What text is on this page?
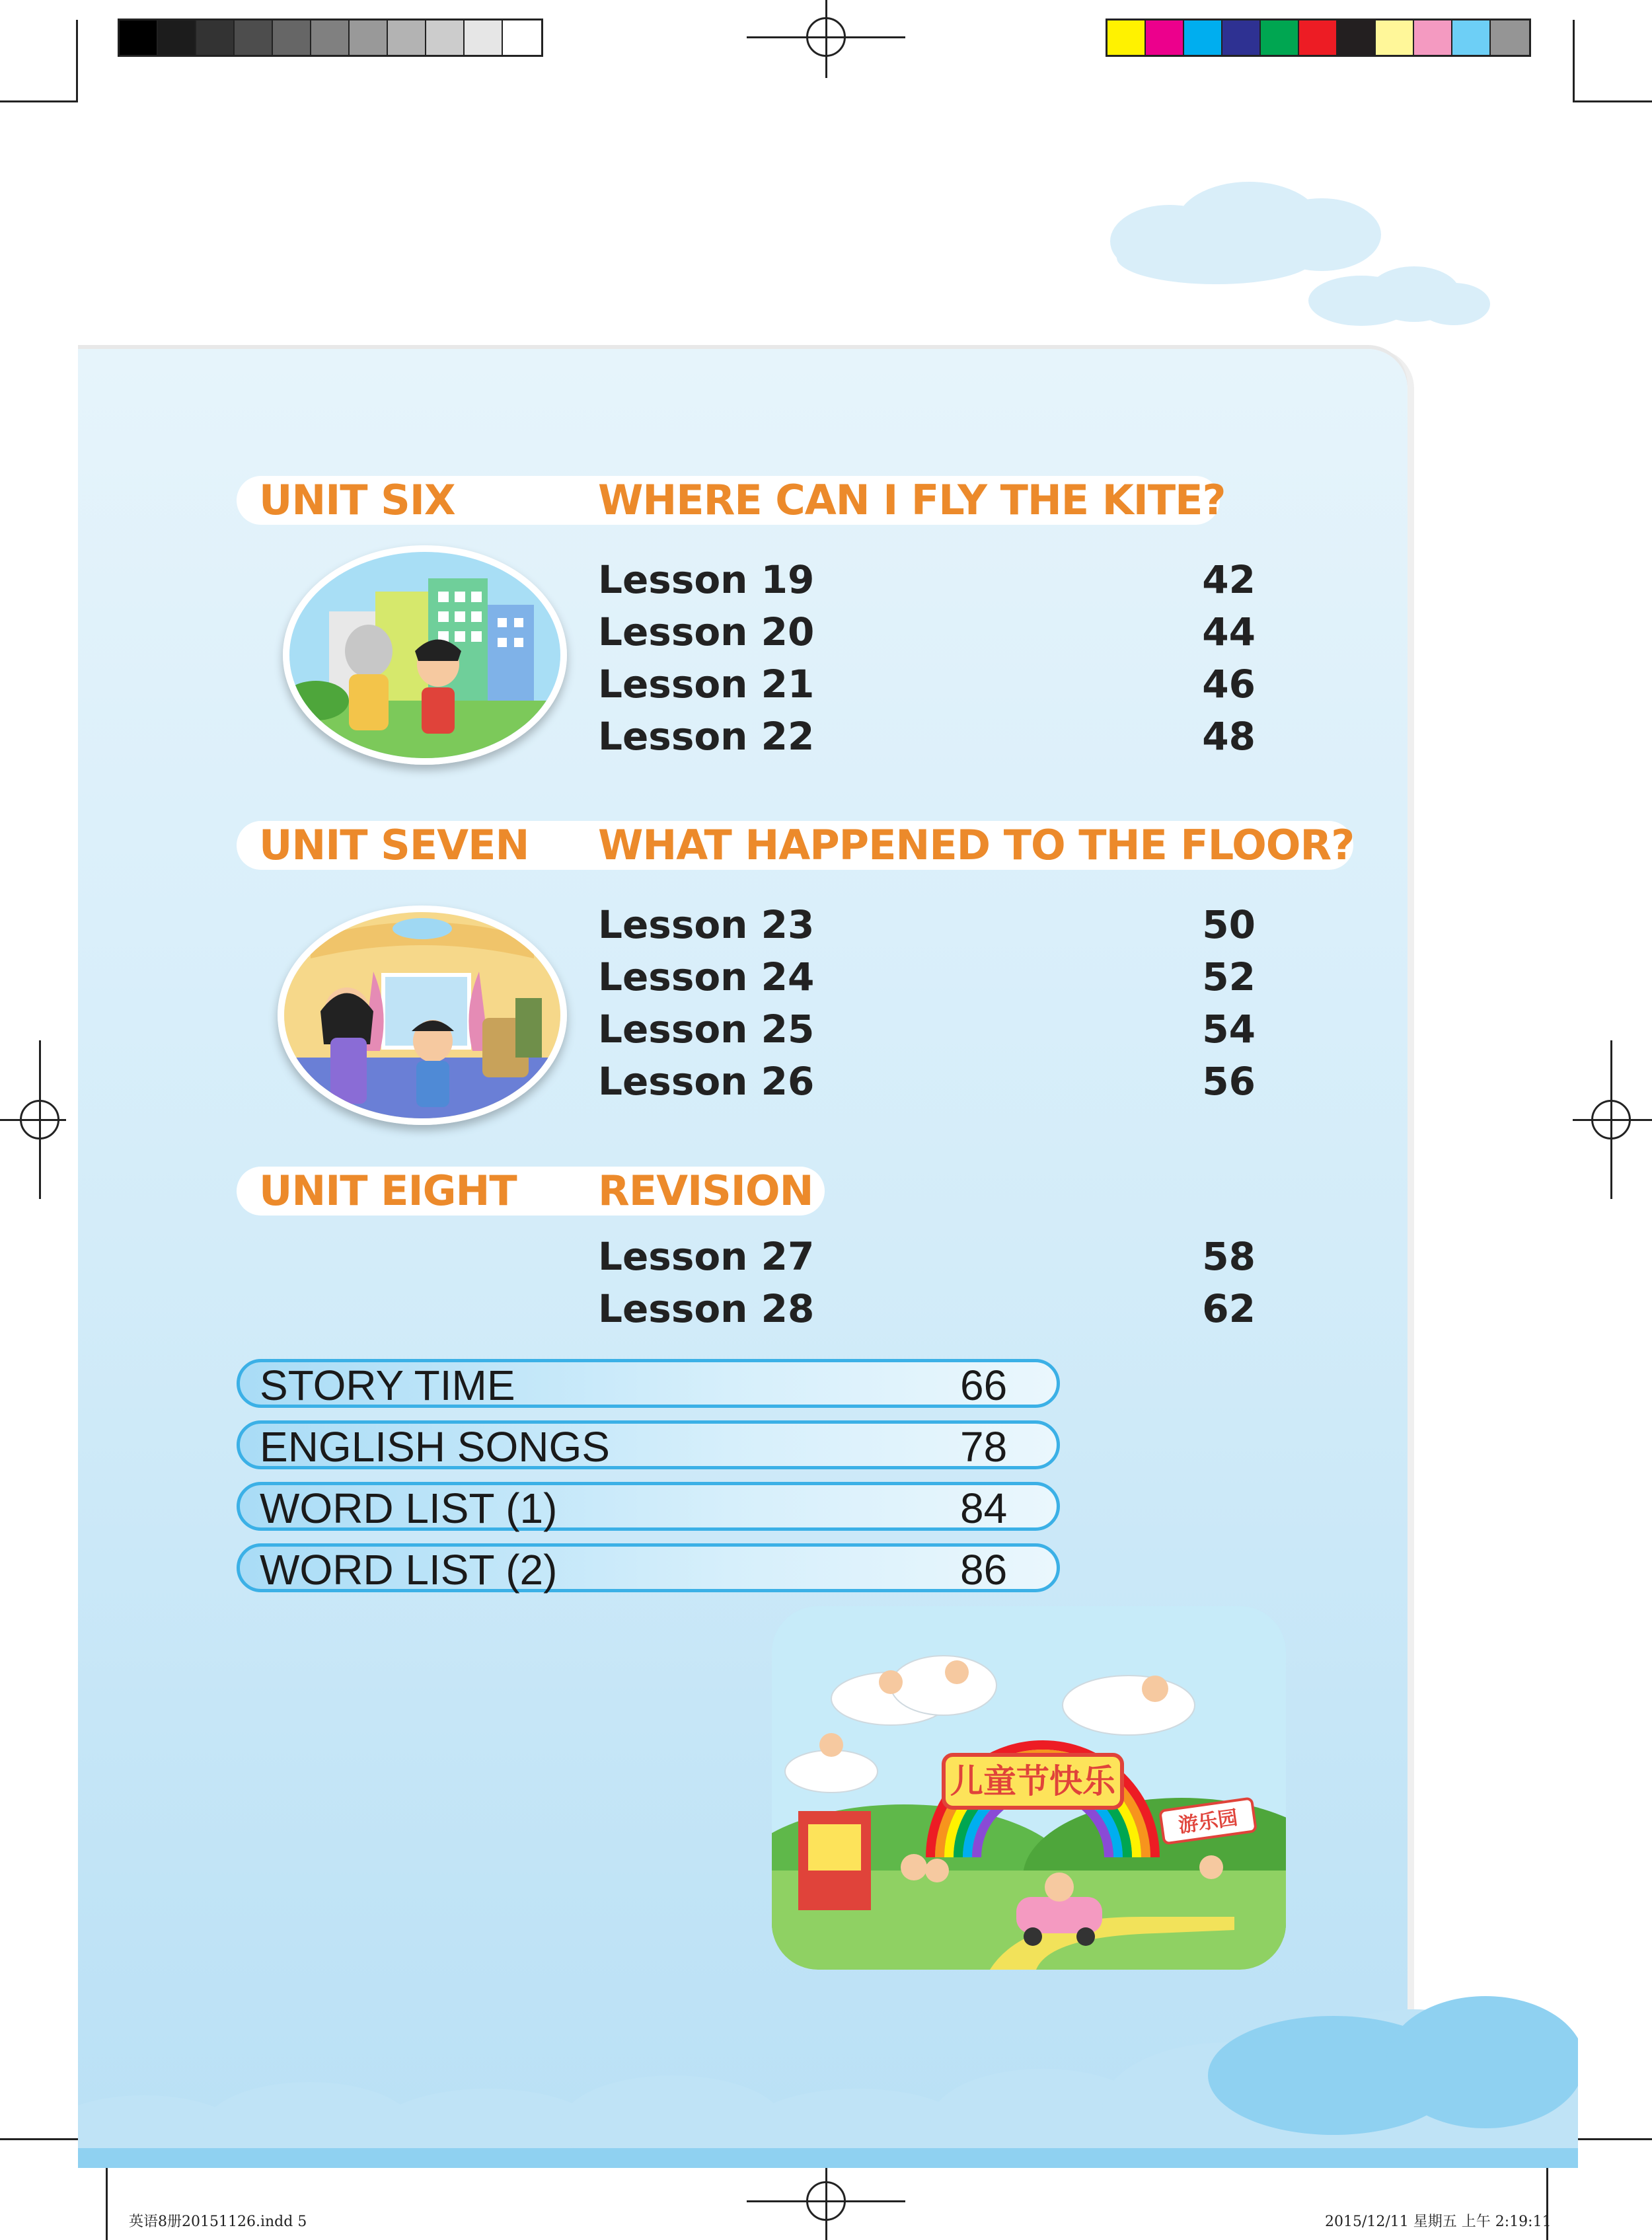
UNIT SIX	WHERE CAN I FLY THE KITE?
Lesson 19	42
Lesson 20	44
Lesson 21	46
Lesson 22	48
UNIT SEVEN WHAT HAPPENED TO THE FLOOR?
Lesson 23	50
Lesson 24	52
Lesson 25	54
Lesson 26	56
UNIT EIGHT REVISION
Lesson 27	58
Lesson 28	62
STORY TIME	66
ENGLISH SONGS	78
WORD LIST (1)	84
WORD LIST (2)	86
儿童节快乐
游乐园
英语8册20151126.indd 5	2015/12/11 星期五 上午 2:19:11
